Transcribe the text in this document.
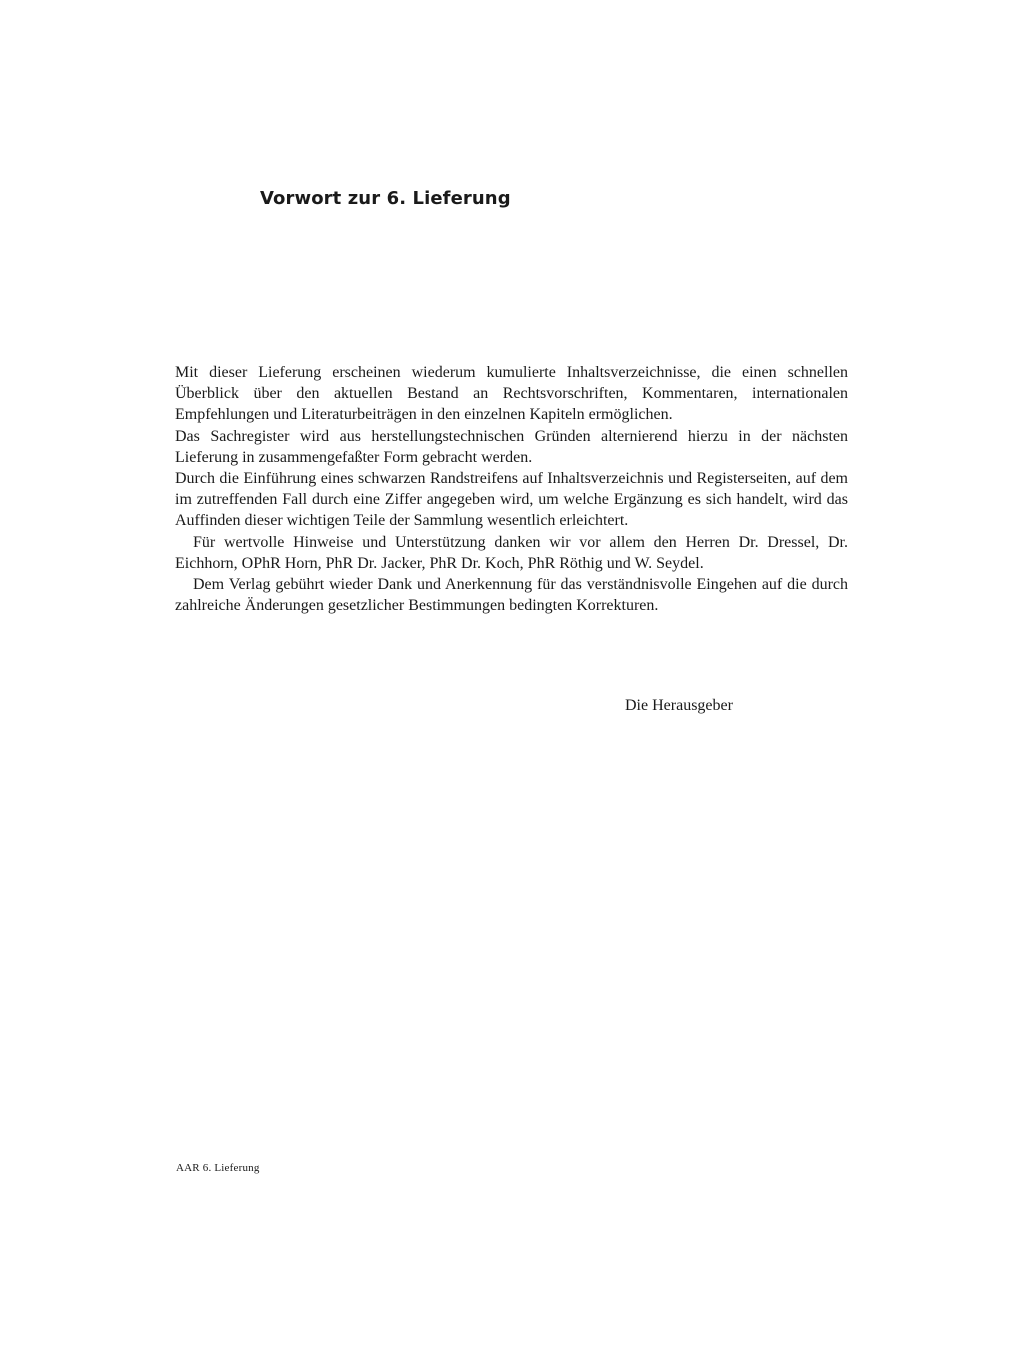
Vorwort zur 6. Lieferung

Mit dieser Lieferung erscheinen wiederum kumulierte Inhaltsverzeichnisse, die einen schnellen Überblick über den aktuellen Bestand an Rechtsvorschriften, Kommentaren, internationalen Empfehlungen und Literaturbeiträgen in den einzelnen Kapiteln ermöglichen.

Das Sachregister wird aus herstellungstechnischen Gründen alternierend hierzu in der nächsten Lieferung in zusammengefaßter Form gebracht werden.

Durch die Einführung eines schwarzen Randstreifens auf Inhaltsverzeichnis und Registerseiten, auf dem im zutreffenden Fall durch eine Ziffer angegeben wird, um welche Ergänzung es sich handelt, wird das Auffinden dieser wichtigen Teile der Sammlung wesentlich erleichtert.

Für wertvolle Hinweise und Unterstützung danken wir vor allem den Herren Dr. Dressel, Dr. Eichhorn, OPhR Horn, PhR Dr. Jacker, PhR Dr. Koch, PhR Röthig und W. Seydel.

Dem Verlag gebührt wieder Dank und Anerkennung für das verständnisvolle Eingehen auf die durch zahlreiche Änderungen gesetzlicher Bestimmungen bedingten Korrekturen.

Die Herausgeber

AAR 6. Lieferung
